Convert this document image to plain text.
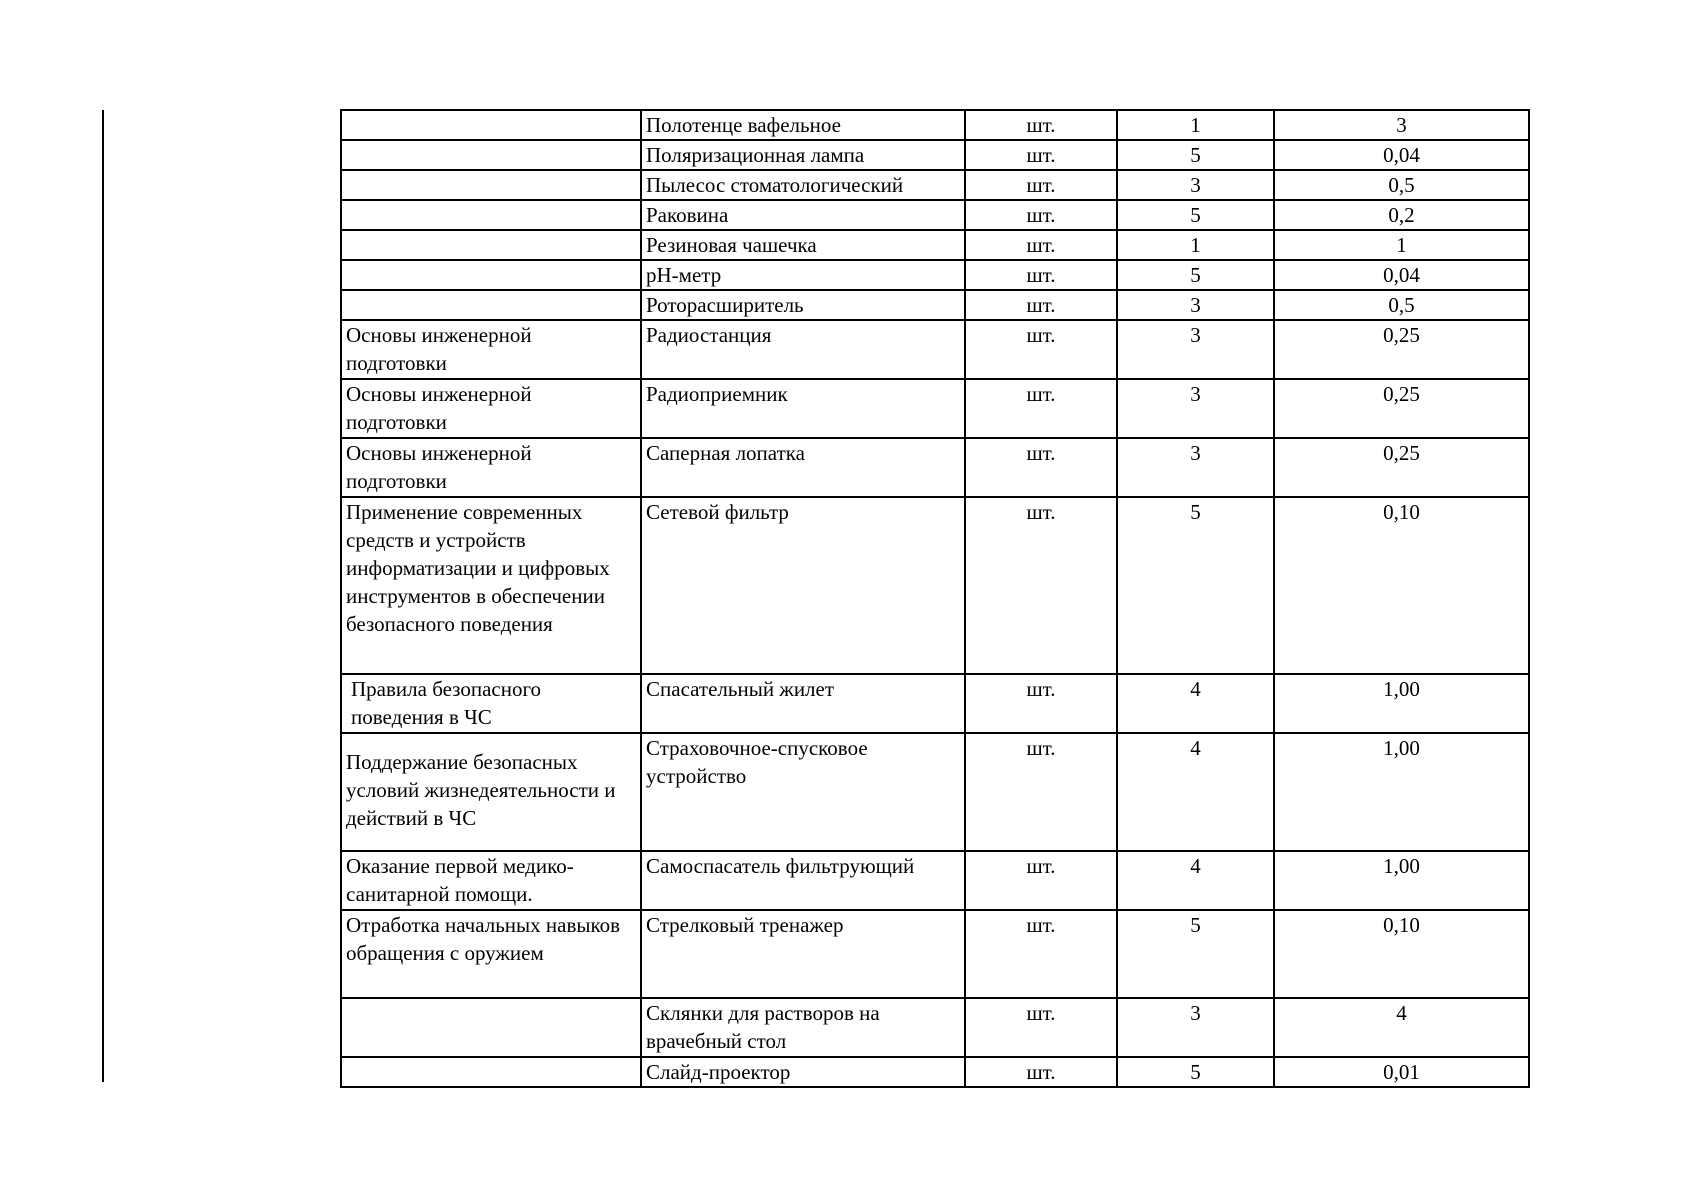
	Полотенце вафельное	шт.	1	3
	Поляризационная лампа	шт.	5	0,04
	Пылесос стоматологический	шт.	3	0,5
	Раковина	шт.	5	0,2
	Резиновая чашечка	шт.	1	1
	pH-метр	шт.	5	0,04
	Роторасширитель	шт.	3	0,5
Основы инженерной подготовки	Радиостанция	шт.	3	0,25
Основы инженерной подготовки	Радиоприемник	шт.	3	0,25
Основы инженерной подготовки	Саперная лопатка	шт.	3	0,25
Применение современных средств и устройств информатизации и цифровых инструментов в обеспечении безопасного поведения	Сетевой фильтр	шт.	5	0,10
Правила безопасного поведения в ЧС	Спасательный жилет	шт.	4	1,00
Поддержание безопасных условий жизнедеятельности и действий в ЧС	Страховочное-спусковое устройство	шт.	4	1,00
Оказание первой медико-санитарной помощи.	Самоспасатель фильтрующий	шт.	4	1,00
Отработка начальных навыков обращения с оружием	Стрелковый тренажер	шт.	5	0,10
	Склянки для растворов на врачебный стол	шт.	3	4
	Слайд-проектор	шт.	5	0,01
